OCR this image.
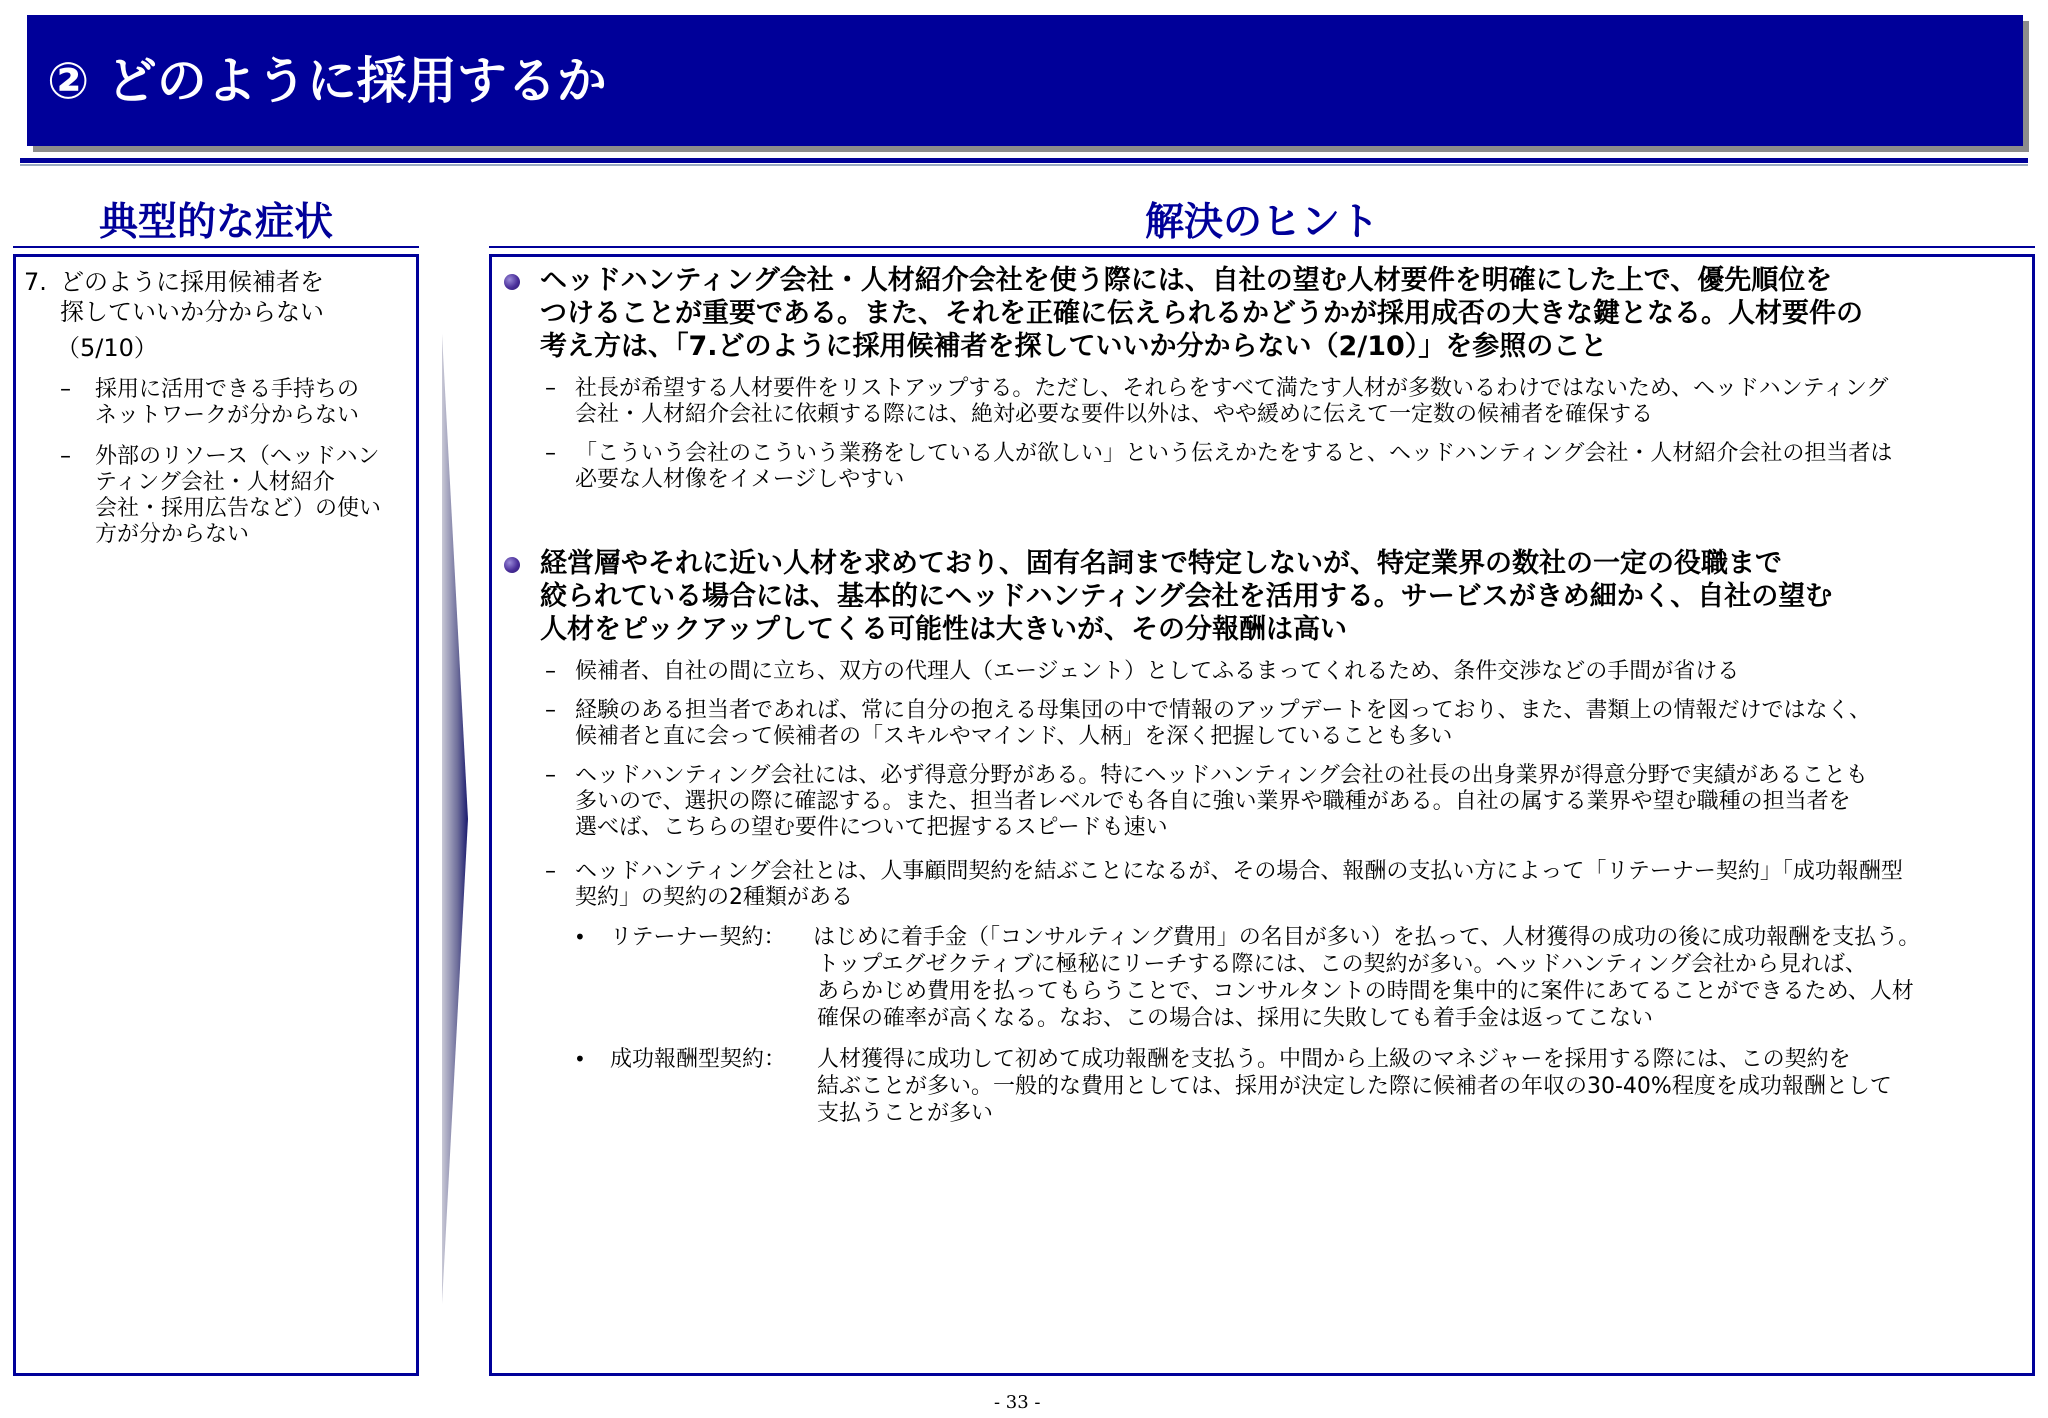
② どのように採用するか
典型的な症状	解決のヒント
7. どのように採用候補者を
探していいか分からない
（5/10）
– 採用に活用できる手持ちの
ネットワークが分からない
– 外部のリソース（ヘッドハン
ティング会社・人材紹介
会社・採用広告など）の使い
方が分からない
ヘッドハンティング会社・人材紹介会社を使う際には、自社の望む人材要件を明確にした上で、優先順位を
つけることが重要である。また、それを正確に伝えられるかどうかが採用成否の大きな鍵となる。人材要件の
考え方は、「7.どのように採用候補者を探していいか分からない（2/10）」を参照のこと
– 社長が希望する人材要件をリストアップする。ただし、それらをすべて満たす人材が多数いるわけではないため、ヘッドハンティング
会社・人材紹介会社に依頼する際には、絶対必要な要件以外は、やや緩めに伝えて一定数の候補者を確保する
– 「こういう会社のこういう業務をしている人が欲しい」という伝えかたをすると、ヘッドハンティング会社・人材紹介会社の担当者は
必要な人材像をイメージしやすい
経営層やそれに近い人材を求めており、固有名詞まで特定しないが、特定業界の数社の一定の役職まで
絞られている場合には、基本的にヘッドハンティング会社を活用する。サービスがきめ細かく、自社の望む
人材をピックアップしてくる可能性は大きいが、その分報酬は高い
– 候補者、自社の間に立ち、双方の代理人（エージェント）としてふるまってくれるため、条件交渉などの手間が省ける
– 経験のある担当者であれば、常に自分の抱える母集団の中で情報のアップデートを図っており、また、書類上の情報だけではなく、
候補者と直に会って候補者の「スキルやマインド、人柄」を深く把握していることも多い
– ヘッドハンティング会社には、必ず得意分野がある。特にヘッドハンティング会社の社長の出身業界が得意分野で実績があることも
多いので、選択の際に確認する。また、担当者レベルでも各自に強い業界や職種がある。自社の属する業界や望む職種の担当者を
選べば、こちらの望む要件について把握するスピードも速い
– ヘッドハンティング会社とは、人事顧問契約を結ぶことになるが、その場合、報酬の支払い方によって「リテーナー契約」「成功報酬型
契約」の契約の2種類がある
• リテーナー契約： はじめに着手金（「コンサルティング費用」の名目が多い）を払って、人材獲得の成功の後に成功報酬を支払う。
トップエグゼクティブに極秘にリーチする際には、この契約が多い。ヘッドハンティング会社から見れば、
あらかじめ費用を払ってもらうことで、コンサルタントの時間を集中的に案件にあてることができるため、人材
確保の確率が高くなる。なお、この場合は、採用に失敗しても着手金は返ってこない
• 成功報酬型契約： 人材獲得に成功して初めて成功報酬を支払う。中間から上級のマネジャーを採用する際には、この契約を
結ぶことが多い。一般的な費用としては、採用が決定した際に候補者の年収の30-40%程度を成功報酬として
支払うことが多い
- 33 -
